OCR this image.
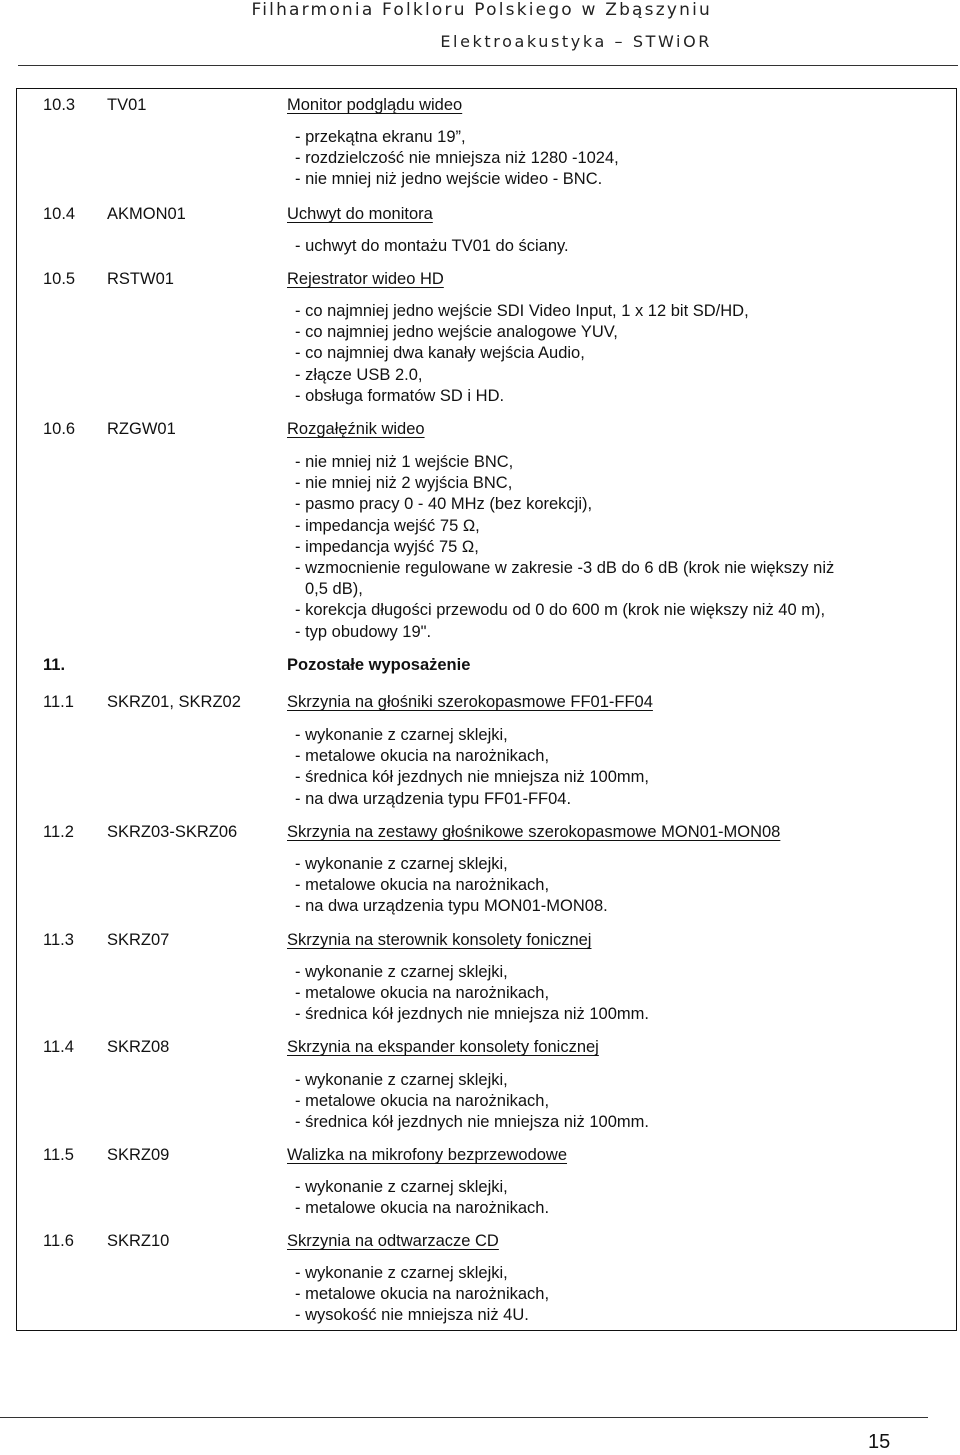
Filharmonia Folkloru Polskiego w Zbąszyniu
Elektroakustyka – STWiOR
10.3 TV01	Monitor podglądu wideo
- przekątna ekranu 19”,
- rozdzielczość nie mniejsza niż 1280 -1024,
- nie mniej niż jedno wejście wideo - BNC.
10.4 AKMON01	Uchwyt do monitora
- uchwyt do montażu TV01 do ściany.
10.5 RSTW01	Rejestrator wideo HD
- co najmniej jedno wejście SDI Video Input, 1 x 12 bit SD/HD,
- co najmniej jedno wejście analogowe YUV,
- co najmniej dwa kanały wejścia Audio,
- złącze USB 2.0,
- obsługa formatów SD i HD.
10.6 RZGW01	Rozgałęźnik wideo
- nie mniej niż 1 wejście BNC,
- nie mniej niż 2 wyjścia BNC,
- pasmo pracy 0 - 40 MHz (bez korekcji),
- impedancja wejść 75 Ω,
- impedancja wyjść 75 Ω,
- wzmocnienie regulowane w zakresie -3 dB do 6 dB (krok nie większy niż
0,5 dB),
- korekcja długości przewodu od 0 do 600 m (krok nie większy niż 40 m),
- typ obudowy 19".
11.	Pozostałe wyposażenie
11.1 SKRZ01, SKRZ02	Skrzynia na głośniki szerokopasmowe FF01-FF04
- wykonanie z czarnej sklejki,
- metalowe okucia na narożnikach,
- średnica kół jezdnych nie mniejsza niż 100mm,
- na dwa urządzenia typu FF01-FF04.
11.2 SKRZ03-SKRZ06	Skrzynia na zestawy głośnikowe szerokopasmowe MON01-MON08
- wykonanie z czarnej sklejki,
- metalowe okucia na narożnikach,
- na dwa urządzenia typu MON01-MON08.
11.3 SKRZ07	Skrzynia na sterownik konsolety fonicznej
- wykonanie z czarnej sklejki,
- metalowe okucia na narożnikach,
- średnica kół jezdnych nie mniejsza niż 100mm.
11.4 SKRZ08	Skrzynia na ekspander konsolety fonicznej
- wykonanie z czarnej sklejki,
- metalowe okucia na narożnikach,
- średnica kół jezdnych nie mniejsza niż 100mm.
11.5 SKRZ09	Walizka na mikrofony bezprzewodowe
- wykonanie z czarnej sklejki,
- metalowe okucia na narożnikach.
11.6 SKRZ10	Skrzynia na odtwarzacze CD
- wykonanie z czarnej sklejki,
- metalowe okucia na narożnikach,
- wysokość nie mniejsza niż 4U.
15
